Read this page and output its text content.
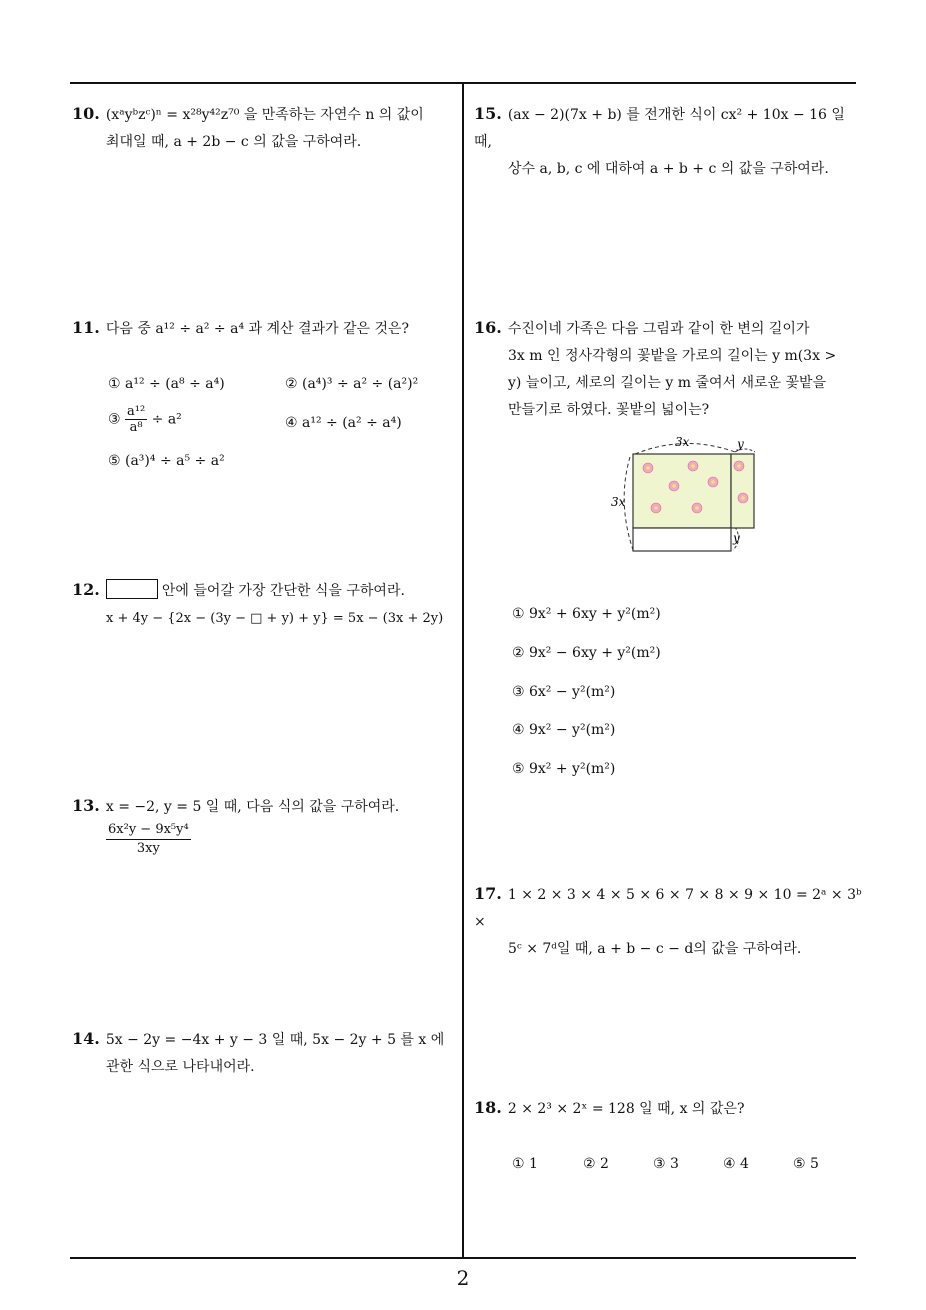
10. (xᵃyᵇzᶜ)ⁿ = x²⁸y⁴²z⁷⁰ 을 만족하는 자연수 n 의 값이
최대일 때, a + 2b − c 의 값을 구하여라.
15. (ax − 2)(7x + b) 를 전개한 식이 cx² + 10x − 16 일 때,
상수 a, b, c 에 대하여 a + b + c 의 값을 구하여라.
11. 다음 중 a¹² ÷ a² ÷ a⁴ 과 계산 결과가 같은 것은?
① a¹² ÷ (a⁸ ÷ a⁴)	② (a⁴)³ ÷ a² ÷ (a²)²
③ $\frac{\text{a¹²}}{\text{a⁸}} \div a^2$	④ a¹² ÷ (a² ÷ a⁴)
⑤ (a³)⁴ ÷ a⁵ ÷ a²
16. 수진이네 가족은 다음 그림과 같이 한 변의 길이가
3x m 인 정사각형의 꽃밭을 가로의 길이는 y m(3x >
y) 늘이고, 세로의 길이는 y m 줄여서 새로운 꽃밭을
만들기로 하였다. 꽃밭의 넓이는?
3x
3x
y
y
① 9x² + 6xy + y²(m²)
② 9x² − 6xy + y²(m²)
③ 6x² − y²(m²)
④ 9x² − y²(m²)
⑤ 9x² + y²(m²)
12.	안에 들어갈 가장 간단한 식을 구하여라.
x + 4y − {2x − (3y − □ + y) + y} = 5x − (3x + 2y)
13. x = −2, y = 5 일 때, 다음 식의 값을 구하여라.
$\frac{\text{6x²y − 9x⁵y⁴}}{3xy}$
17. 1 × 2 × 3 × 4 × 5 × 6 × 7 × 8 × 9 × 10 = 2ᵃ × 3ᵇ ×
5ᶜ × 7ᵈ일 때, a + b − c − d의 값을 구하여라.
14. 5x − 2y = −4x + y − 3 일 때, 5x − 2y + 5 를 x 에
관한 식으로 나타내어라.
18. 2 × 2³ × 2ˣ = 128 일 때, x 의 값은?
① 1	② 2	③ 3	④ 4	⑤ 5
2
